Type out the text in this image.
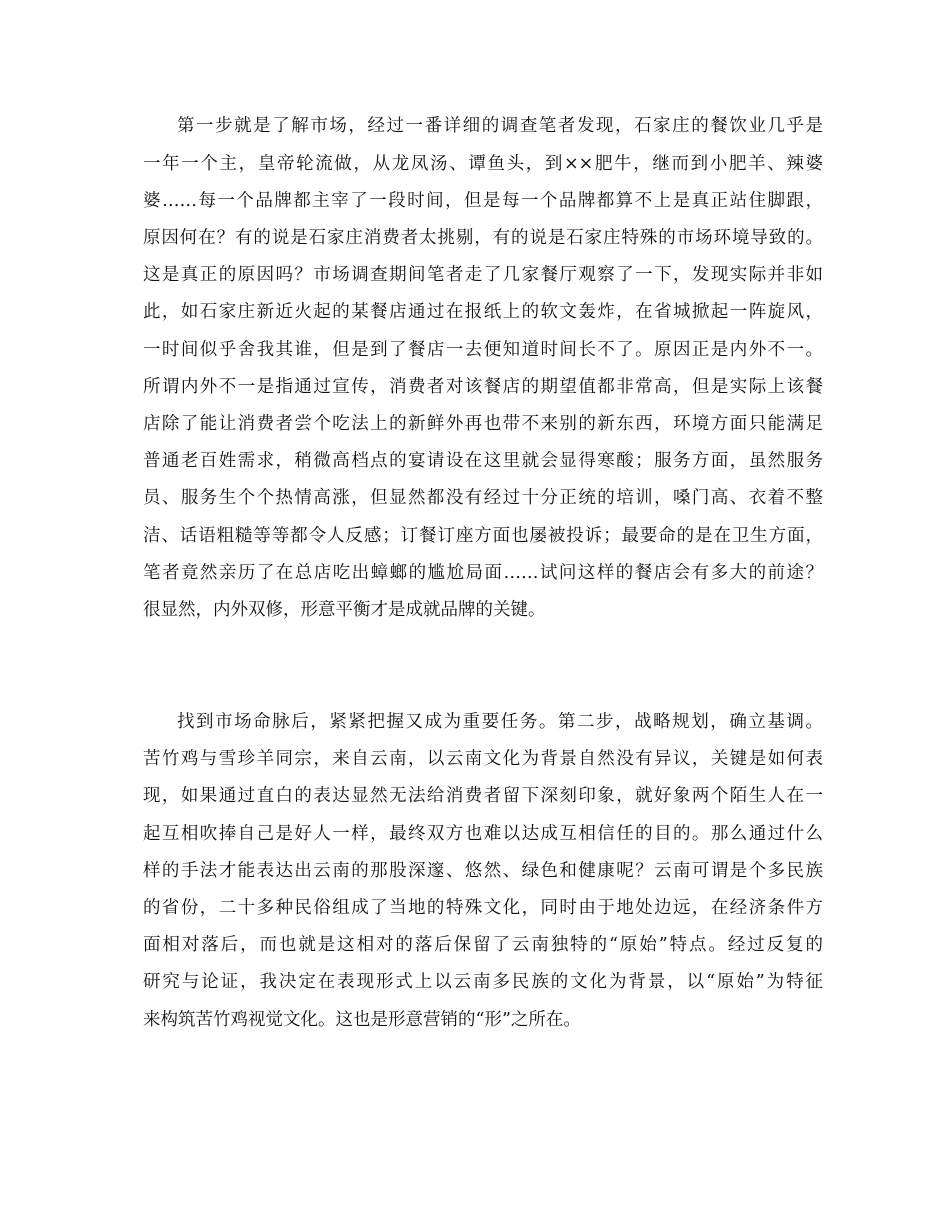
第一步就是了解市场，经过一番详细的调查笔者发现，石家庄的餐饮业几乎是
一年一个主，皇帝轮流做，从龙凤汤、谭鱼头，到××肥牛，继而到小肥羊、辣婆
婆……每一个品牌都主宰了一段时间，但是每一个品牌都算不上是真正站住脚跟，
原因何在？有的说是石家庄消费者太挑剔，有的说是石家庄特殊的市场环境导致的。
这是真正的原因吗？市场调查期间笔者走了几家餐厅观察了一下，发现实际并非如
此，如石家庄新近火起的某餐店通过在报纸上的软文轰炸，在省城掀起一阵旋风，
一时间似乎舍我其谁，但是到了餐店一去便知道时间长不了。原因正是内外不一。
所谓内外不一是指通过宣传，消费者对该餐店的期望值都非常高，但是实际上该餐
店除了能让消费者尝个吃法上的新鲜外再也带不来别的新东西，环境方面只能满足
普通老百姓需求，稍微高档点的宴请设在这里就会显得寒酸；服务方面，虽然服务
员、服务生个个热情高涨，但显然都没有经过十分正统的培训，嗓门高、衣着不整
洁、话语粗糙等等都令人反感；订餐订座方面也屡被投诉；最要命的是在卫生方面，
笔者竟然亲历了在总店吃出蟑螂的尴尬局面……试问这样的餐店会有多大的前途？
很显然，内外双修，形意平衡才是成就品牌的关键。
找到市场命脉后，紧紧把握又成为重要任务。第二步，战略规划，确立基调。
苦竹鸡与雪珍羊同宗，来自云南，以云南文化为背景自然没有异议，关键是如何表
现，如果通过直白的表达显然无法给消费者留下深刻印象，就好象两个陌生人在一
起互相吹捧自己是好人一样，最终双方也难以达成互相信任的目的。那么通过什么
样的手法才能表达出云南的那股深邃、悠然、绿色和健康呢？云南可谓是个多民族
的省份，二十多种民俗组成了当地的特殊文化，同时由于地处边远，在经济条件方
面相对落后，而也就是这相对的落后保留了云南独特的“原始”特点。经过反复的
研究与论证，我决定在表现形式上以云南多民族的文化为背景，以“原始”为特征
来构筑苦竹鸡视觉文化。这也是形意营销的“形”之所在。
